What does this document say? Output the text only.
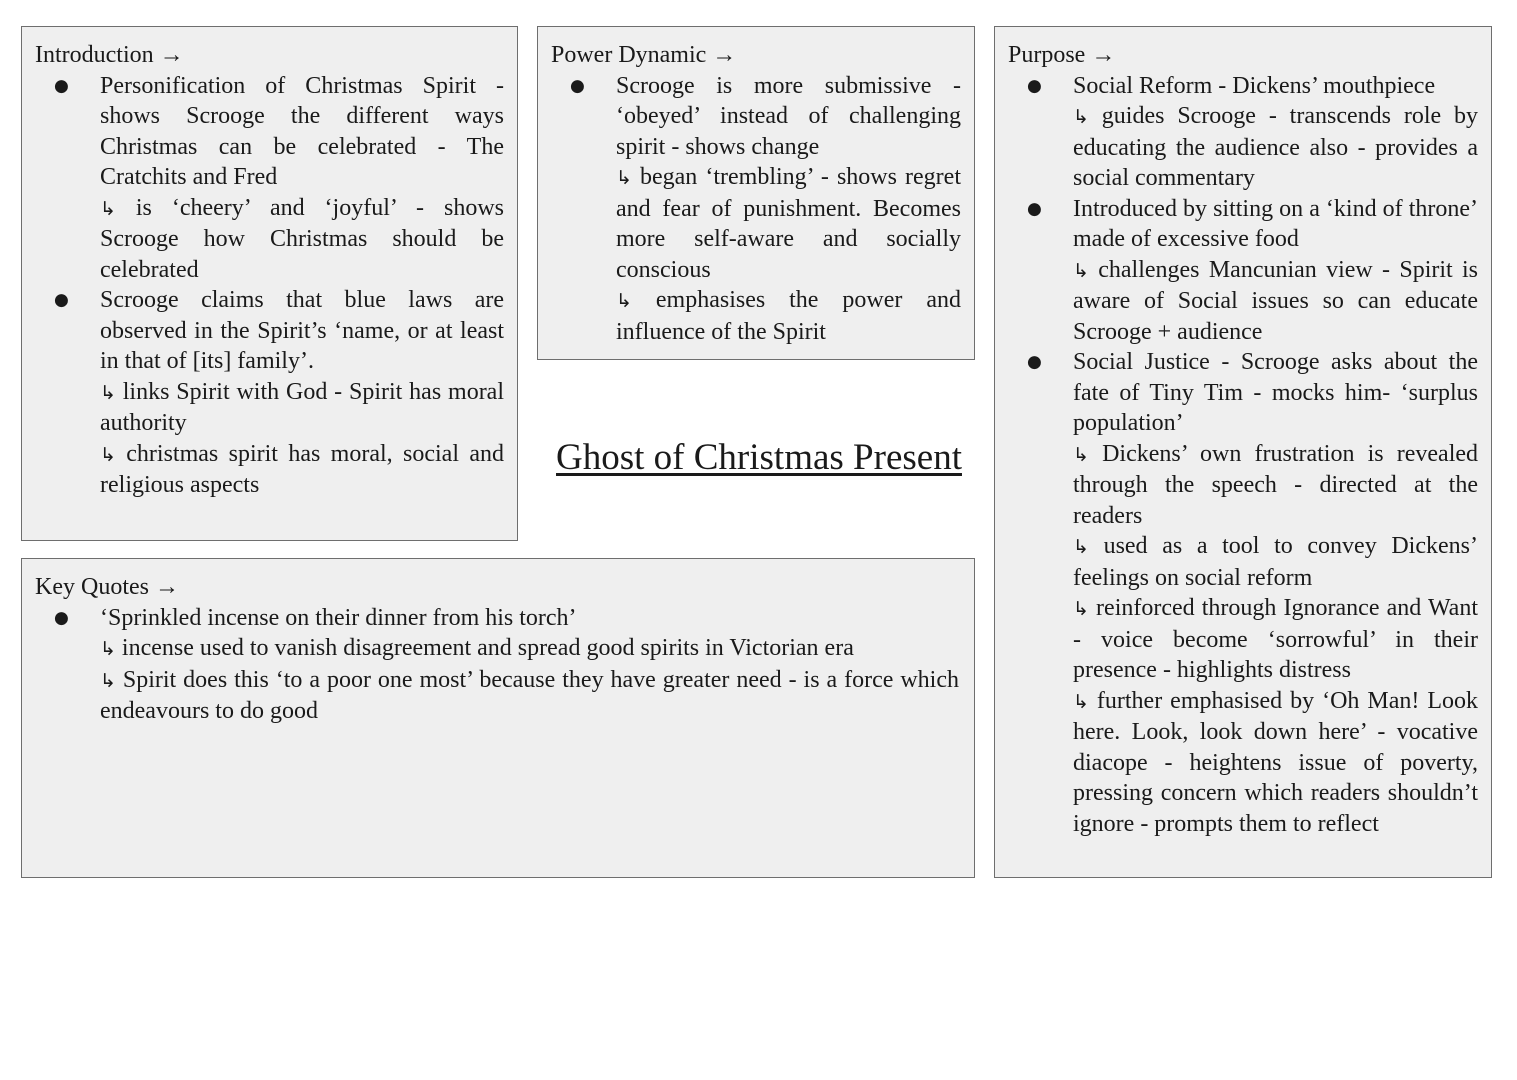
Introduction →

● Personification of Christmas Spirit - shows Scrooge the different ways Christmas can be celebrated - The Cratchits and Fred
↳ is ‘cheery’ and ‘joyful’ - shows Scrooge how Christmas should be celebrated
● Scrooge claims that blue laws are observed in the Spirit’s ‘name, or at least in that of [its] family’.
↳ links Spirit with God - Spirit has moral authority
↳ christmas spirit has moral, social and religious aspects

Power Dynamic →

● Scrooge is more submissive - ‘obeyed’ instead of challenging spirit - shows change
↳ began ‘trembling’ - shows regret and fear of punishment. Becomes more self-aware and socially conscious
↳ emphasises the power and influence of the Spirit
Ghost of Christmas Present

Purpose →

● Social Reform - Dickens’ mouthpiece
↳ guides Scrooge - transcends role by educating the audience also - provides a social commentary
● Introduced by sitting on a ‘kind of throne’ made of excessive food
↳ challenges Mancunian view - Spirit is aware of Social issues so can educate Scrooge + audience
● Social Justice - Scrooge asks about the fate of Tiny Tim - mocks him- ‘surplus population’
↳ Dickens’ own frustration is revealed through the speech - directed at the readers
↳ used as a tool to convey Dickens’ feelings on social reform
↳ reinforced through Ignorance and Want - voice become ‘sorrowful’ in their presence - highlights distress
↳ further emphasised by ‘Oh Man! Look here. Look, look down here’ - vocative diacope - heightens issue of poverty, pressing concern which readers shouldn’t ignore - prompts them to reflect

Key Quotes →

● ‘Sprinkled incense on their dinner from his torch’
↳ incense used to vanish disagreement and spread good spirits in Victorian era
↳ Spirit does this ‘to a poor one most’ because they have greater need - is a force which endeavours to do good
